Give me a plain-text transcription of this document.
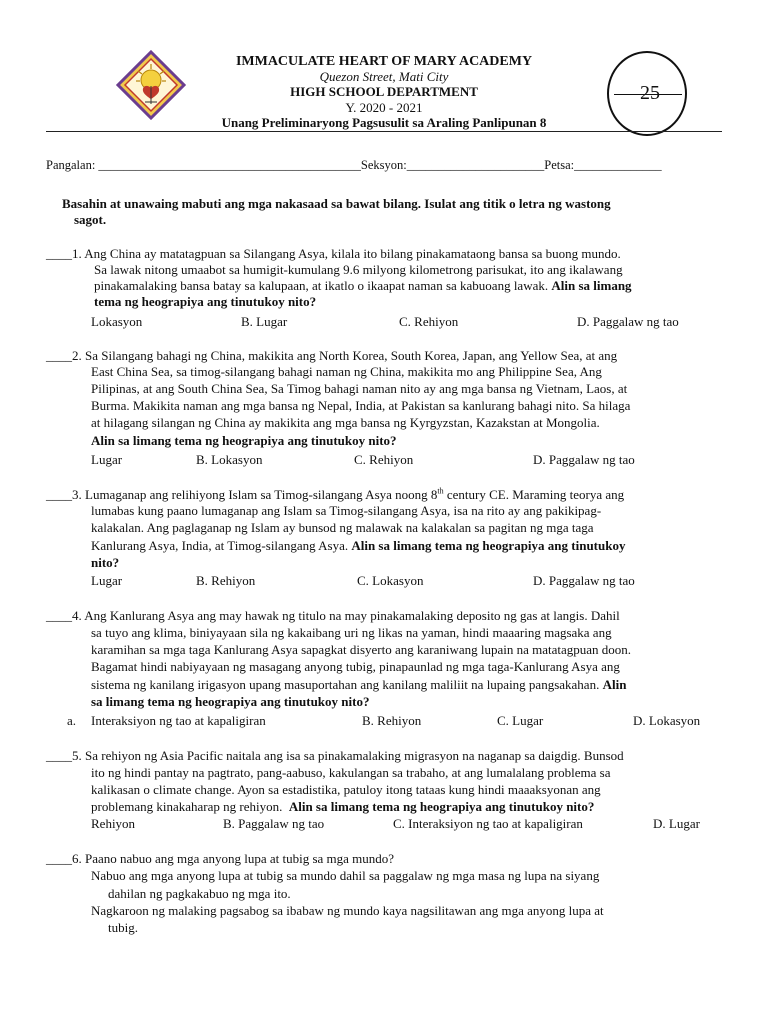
IMMACULATE HEART OF MARY ACADEMY
Quezon Street, Mati City
HIGH SCHOOL DEPARTMENT
Y. 2020 - 2021
Unang Preliminaryong Pagsusulit sa Araling Panlipunan 8
25
Pangalan: __________________________________________Seksyon:______________________Petsa:______________
Basahin at unawaing mabuti ang mga nakasaad sa bawat bilang. Isulat ang titik o letra ng wastong
sagot.
____1. Ang China ay matatagpuan sa Silangang Asya, kilala ito bilang pinakamataong bansa sa buong mundo.
Sa lawak nitong umaabot sa humigit-kumulang 9.6 milyong kilometrong parisukat, ito ang ikalawang
pinakamalaking bansa batay sa kalupaan, at ikatlo o ikaapat naman sa kabuoang lawak. Alin sa limang
tema ng heograpiya ang tinutukoy nito?
Lokasyon	B. Lugar	C. Rehiyon	D. Paggalaw ng tao
____2. Sa Silangang bahagi ng China, makikita ang North Korea, South Korea, Japan, ang Yellow Sea, at ang
East China Sea, sa timog-silangang bahagi naman ng China, makikita mo ang Philippine Sea, Ang
Pilipinas, at ang South China Sea, Sa Timog bahagi naman nito ay ang mga bansa ng Vietnam, Laos, at
Burma. Makikita naman ang mga bansa ng Nepal, India, at Pakistan sa kanlurang bahagi nito. Sa hilaga
at hilagang silangan ng China ay makikita ang mga bansa ng Kyrgyzstan, Kazakstan at Mongolia.
Alin sa limang tema ng heograpiya ang tinutukoy nito?
Lugar	B. Lokasyon	C. Rehiyon	D. Paggalaw ng tao
____3. Lumaganap ang relihiyong Islam sa Timog-silangang Asya noong 8th century CE. Maraming teorya ang
lumabas kung paano lumaganap ang Islam sa Timog-silangang Asya, isa na rito ay ang pakikipag-
kalakalan. Ang paglaganap ng Islam ay bunsod ng malawak na kalakalan sa pagitan ng mga taga
Kanlurang Asya, India, at Timog-silangang Asya. Alin sa limang tema ng heograpiya ang tinutukoy
nito?
Lugar	B. Rehiyon	C. Lokasyon	D. Paggalaw ng tao
____4. Ang Kanlurang Asya ang may hawak ng titulo na may pinakamalaking deposito ng gas at langis. Dahil
sa tuyo ang klima, biniyayaan sila ng kakaibang uri ng likas na yaman, hindi maaaring magsaka ang
karamihan sa mga taga Kanlurang Asya sapagkat disyerto ang karaniwang lupain na matatagpuan doon.
Bagamat hindi nabiyayaan ng masagang anyong tubig, pinapaunlad ng mga taga-Kanlurang Asya ang
sistema ng kanilang irigasyon upang masuportahan ang kanilang maliliit na lupaing pangsakahan. Alin
sa limang tema ng heograpiya ang tinutukoy nito?
a. Interaksiyon ng tao at kapaligiran	B. Rehiyon	C. Lugar	D. Lokasyon
____5. Sa rehiyon ng Asia Pacific naitala ang isa sa pinakamalaking migrasyon na naganap sa daigdig. Bunsod
ito ng hindi pantay na pagtrato, pang-aabuso, kakulangan sa trabaho, at ang lumalalang problema sa
kalikasan o climate change. Ayon sa estadistika, patuloy itong tataas kung hindi maaaksyonan ang
problemang kinakaharap ng rehiyon. Alin sa limang tema ng heograpiya ang tinutukoy nito?
Rehiyon	B. Paggalaw ng tao	C. Interaksiyon ng tao at kapaligiran	D. Lugar
____6. Paano nabuo ang mga anyong lupa at tubig sa mga mundo?
Nabuo ang mga anyong lupa at tubig sa mundo dahil sa paggalaw ng mga masa ng lupa na siyang
dahilan ng pagkakabuo ng mga ito.
Nagkaroon ng malaking pagsabog sa ibabaw ng mundo kaya nagsilitawan ang mga anyong lupa at
tubig.
